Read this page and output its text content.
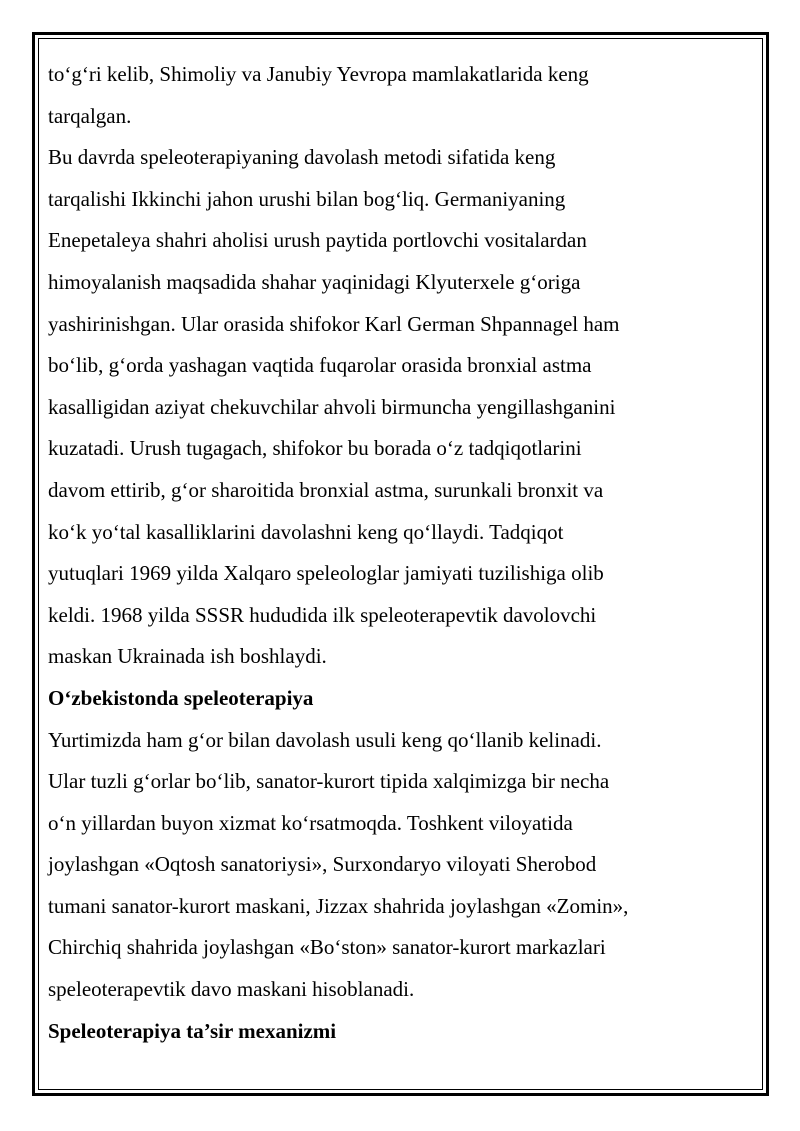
to‘g‘ri kelib, Shimoliy va Janubiy Yevropa mamlakatlarida keng
tarqalgan.
Bu davrda speleoterapiyaning davolash metodi sifatida keng
tarqalishi Ikkinchi jahon urushi bilan bog‘liq. Germaniyaning
Enepetaleya shahri aholisi urush paytida portlovchi vositalardan
himoyalanish maqsadida shahar yaqinidagi Klyuterxele g‘origa
yashirinishgan. Ular orasida shifokor Karl German Shpannagel ham
bo‘lib, g‘orda yashagan vaqtida fuqarolar orasida bronxial astma
kasalligidan aziyat chekuvchilar ahvoli birmuncha yengillashganini
kuzatadi. Urush tugagach, shifokor bu borada o‘z tadqiqotlarini
davom ettirib, g‘or sharoitida bronxial astma, surunkali bronxit va
ko‘k yo‘tal kasalliklarini davolashni keng qo‘llaydi. Tadqiqot
yutuqlari 1969 yilda Xalqaro speleologlar jamiyati tuzilishiga olib
keldi. 1968 yilda SSSR hududida ilk speleoterapevtik davolovchi
maskan Ukrainada ish boshlaydi.
O‘zbekistonda speleoterapiya
Yurtimizda ham g‘or bilan davolash usuli keng qo‘llanib kelinadi.
Ular tuzli g‘orlar bo‘lib, sanator-kurort tipida xalqimizga bir necha
o‘n yillardan buyon xizmat ko‘rsatmoqda. Toshkent viloyatida
joylashgan «Oqtosh sanatoriysi», Surxondaryo viloyati Sherobod
tumani sanator-kurort maskani, Jizzax shahrida joylashgan «Zomin»,
Chirchiq shahrida joylashgan «Bo‘ston» sanator-kurort markazlari
speleoterapevtik davo maskani hisoblanadi.
Speleoterapiya ta’sir mexanizmi
